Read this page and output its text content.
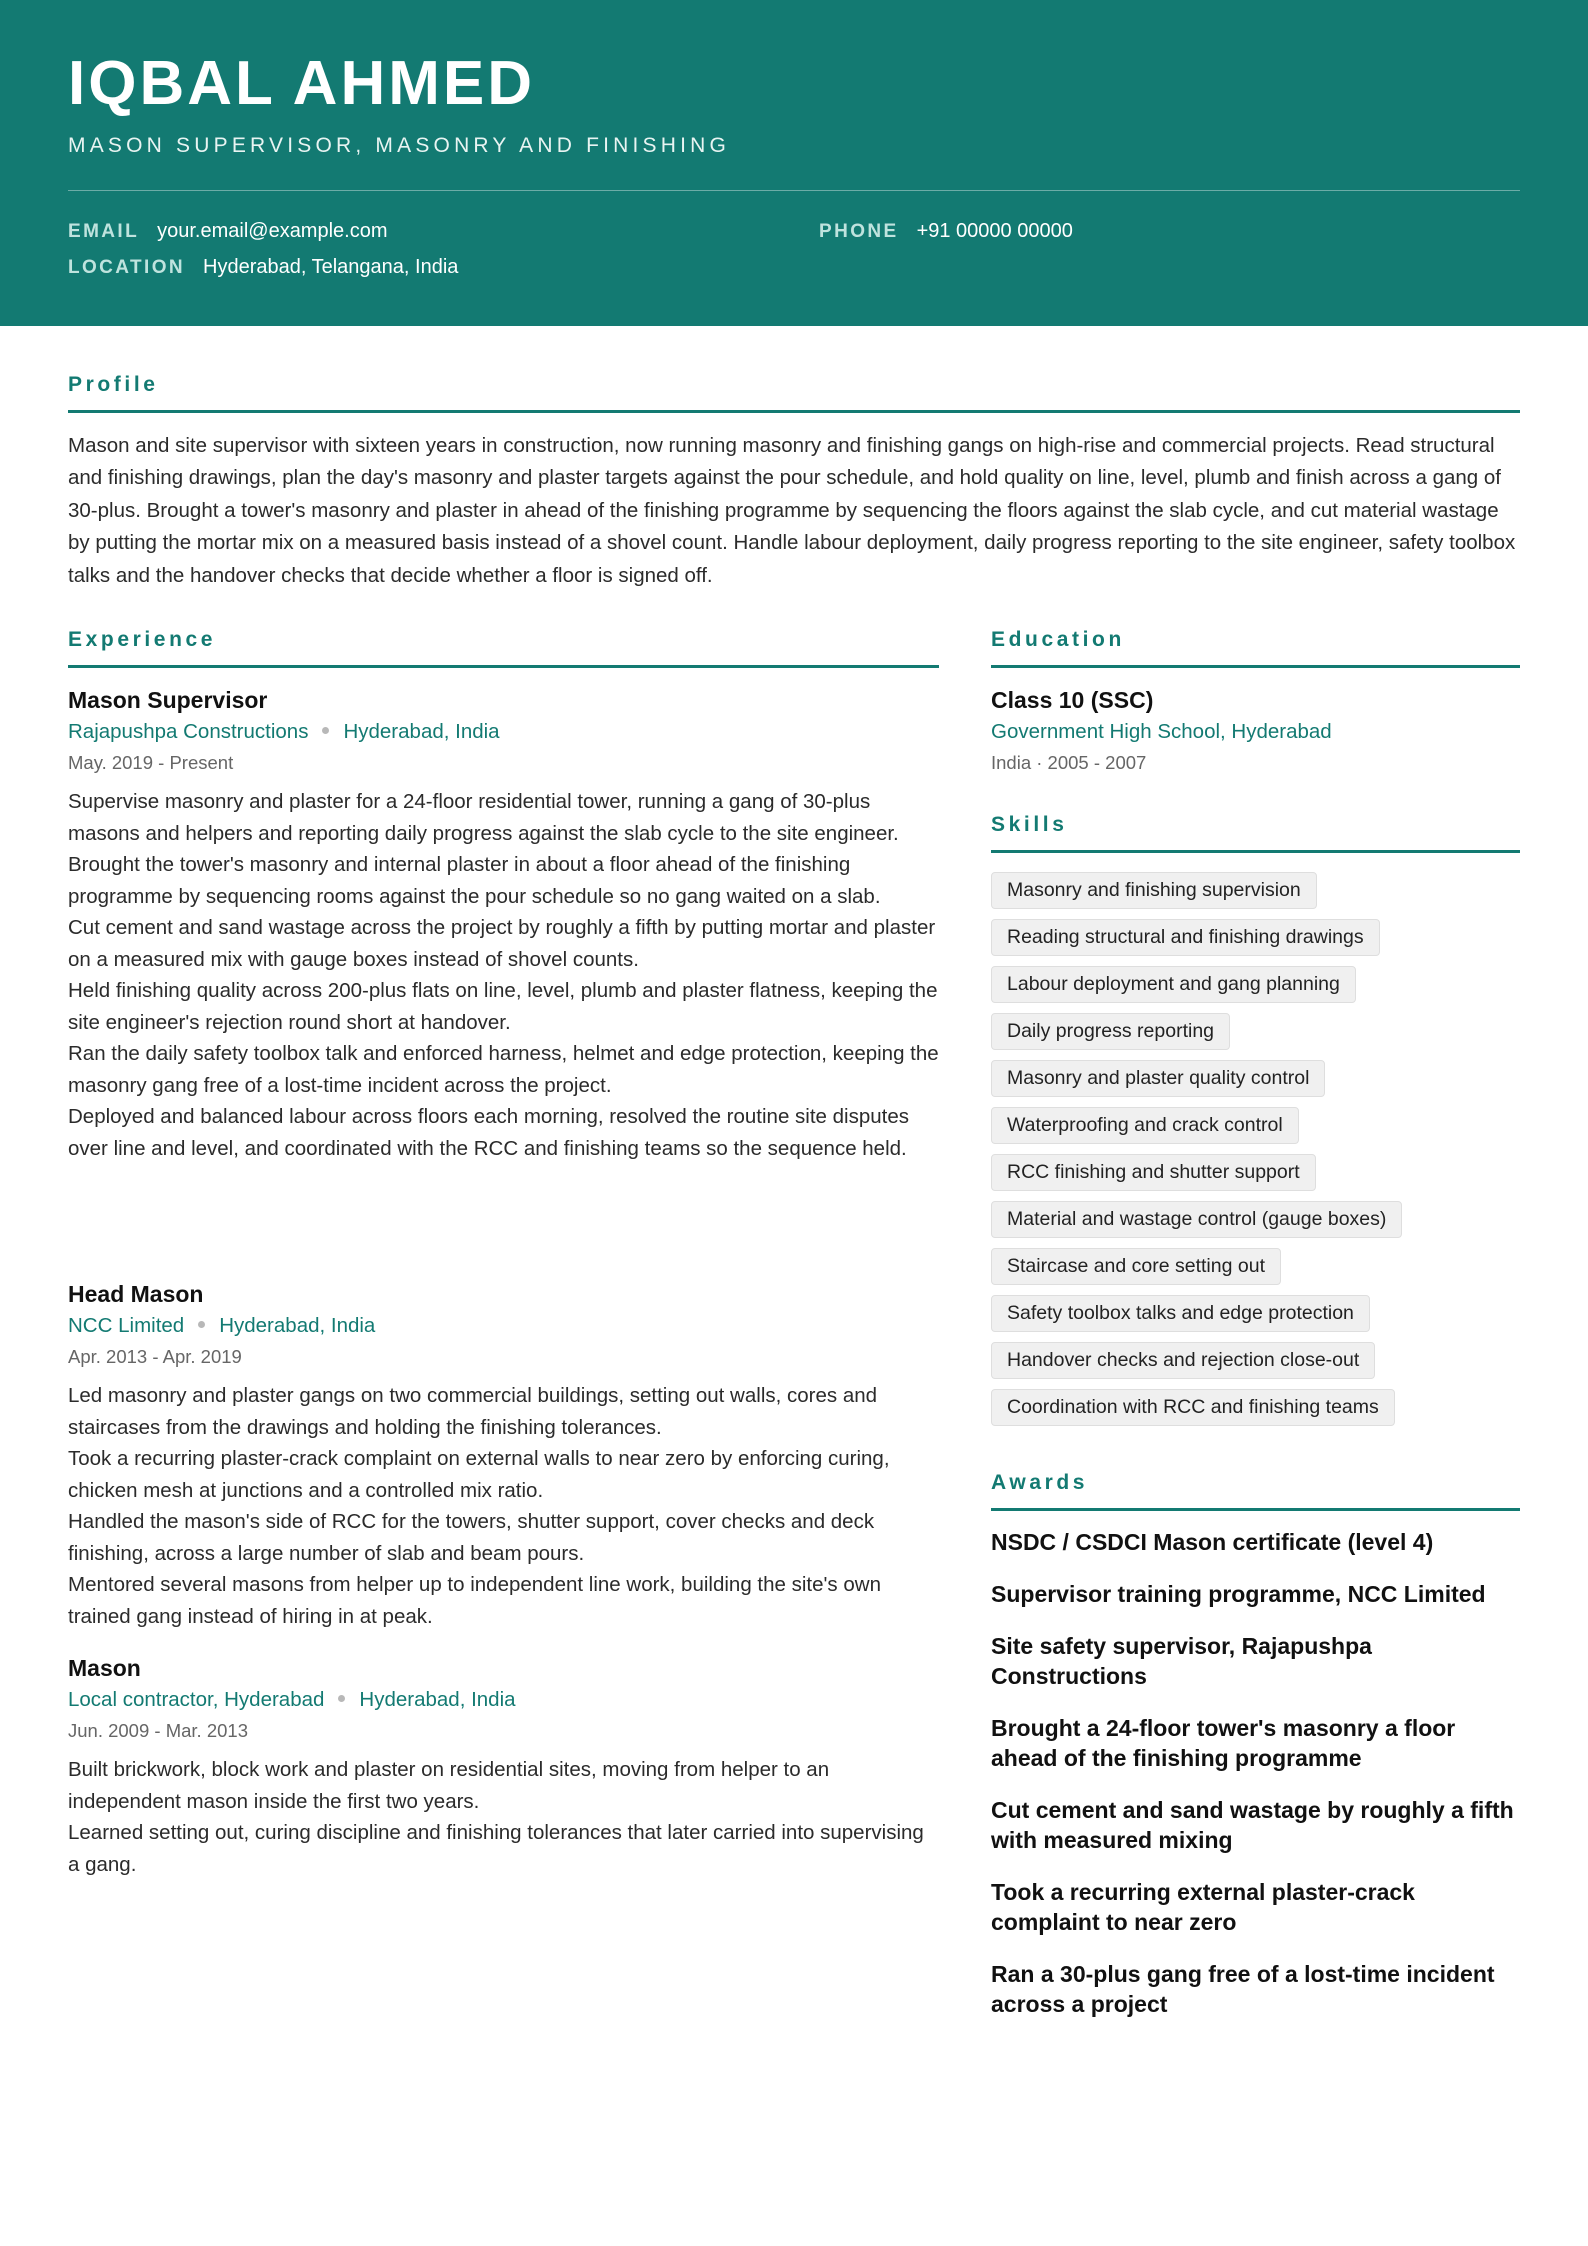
IQBAL AHMED
MASON SUPERVISOR, MASONRY AND FINISHING
EMAIL your.email@example.com	PHONE +91 00000 00000
LOCATION Hyderabad, Telangana, India
Profile
Mason and site supervisor with sixteen years in construction, now running masonry and finishing gangs on high-rise and commercial projects. Read structural and finishing drawings, plan the day's masonry and plaster targets against the pour schedule, and hold quality on line, level, plumb and finish across a gang of 30-plus. Brought a tower's masonry and plaster in ahead of the finishing programme by sequencing the floors against the slab cycle, and cut material wastage by putting the mortar mix on a measured basis instead of a shovel count. Handle labour deployment, daily progress reporting to the site engineer, safety toolbox talks and the handover checks that decide whether a floor is signed off.
Experience
Mason Supervisor
Rajapushpa Constructions Hyderabad, India
May. 2019 - Present
Supervise masonry and plaster for a 24-floor residential tower, running a gang of 30-plus masons and helpers and reporting daily progress against the slab cycle to the site engineer.
Brought the tower's masonry and internal plaster in about a floor ahead of the finishing programme by sequencing rooms against the pour schedule so no gang waited on a slab.
Cut cement and sand wastage across the project by roughly a fifth by putting mortar and plaster on a measured mix with gauge boxes instead of shovel counts.
Held finishing quality across 200-plus flats on line, level, plumb and plaster flatness, keeping the site engineer's rejection round short at handover.
Ran the daily safety toolbox talk and enforced harness, helmet and edge protection, keeping the masonry gang free of a lost-time incident across the project.
Deployed and balanced labour across floors each morning, resolved the routine site disputes over line and level, and coordinated with the RCC and finishing teams so the sequence held.
Head Mason
NCC Limited Hyderabad, India
Apr. 2013 - Apr. 2019
Led masonry and plaster gangs on two commercial buildings, setting out walls, cores and staircases from the drawings and holding the finishing tolerances.
Took a recurring plaster-crack complaint on external walls to near zero by enforcing curing, chicken mesh at junctions and a controlled mix ratio.
Handled the mason's side of RCC for the towers, shutter support, cover checks and deck finishing, across a large number of slab and beam pours.
Mentored several masons from helper up to independent line work, building the site's own trained gang instead of hiring in at peak.
Mason
Local contractor, Hyderabad Hyderabad, India
Jun. 2009 - Mar. 2013
Built brickwork, block work and plaster on residential sites, moving from helper to an independent mason inside the first two years.
Learned setting out, curing discipline and finishing tolerances that later carried into supervising a gang.
Education
Class 10 (SSC)
Government High School, Hyderabad
India · 2005 - 2007
Skills
Masonry and finishing supervision
Reading structural and finishing drawings
Labour deployment and gang planning
Daily progress reporting
Masonry and plaster quality control
Waterproofing and crack control
RCC finishing and shutter support
Material and wastage control (gauge boxes)
Staircase and core setting out
Safety toolbox talks and edge protection
Handover checks and rejection close-out
Coordination with RCC and finishing teams
Awards
NSDC / CSDCI Mason certificate (level 4)
Supervisor training programme, NCC Limited
Site safety supervisor, Rajapushpa Constructions
Brought a 24-floor tower's masonry a floor ahead of the finishing programme
Cut cement and sand wastage by roughly a fifth with measured mixing
Took a recurring external plaster-crack complaint to near zero
Ran a 30-plus gang free of a lost-time incident across a project
